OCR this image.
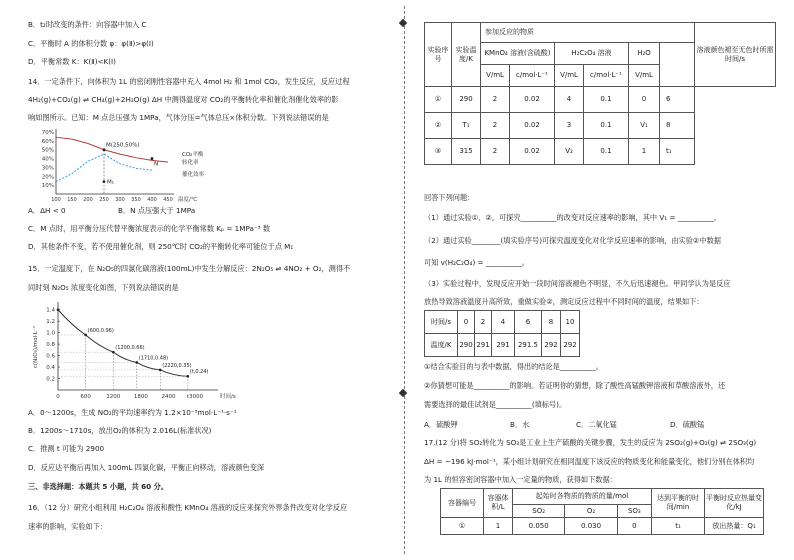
B．t₂时改变的条件：向容器中加入 C
C．平衡时 A 的体积分数 φ：φ(Ⅱ)>φ(Ⅰ)
D．平衡常数 K：K(Ⅱ)<K(Ⅰ)
14．一定条件下，向体积为 1L 的密闭刚性容器中充入 4mol H₂ 和 1mol CO₂，发生反应，反应过程
4H₂(g)+CO₂(g) ⇌ CH₄(g)+2H₂O(g) ΔH 中测得温度对 CO₂的平衡转化率和催化剂催化效率的影
响如图所示。已知：M 点总压强为 1MPa，气体分压=气体总压×体积分数。下列说法错误的是
70%
60%
50%
40%
30%
20%
10%
100 150 200 250 300 350 400 450 温度/℃
M(250,50%)
N
M₁
CO₂平衡
转化率
催化效率
A．ΔH < 0	B．N 点压强大于 1MPa
C．M 点时，用平衡分压代替平衡浓度表示的化学平衡常数 Kₚ = 1MPa⁻³ 数
D．其他条件不变，若不使用催化剂，则 250℃时 CO₂的平衡转化率可能位于点 M₁
15．一定温度下，在 N₂O₅的四氯化碳溶液(100mL)中发生分解反应：2N₂O₅ ⇌ 4NO₂ + O₂，测得不
同时刻 N₂O₅ 浓度变化如图，下列说法错误的是
1.4
1.2
1.0
0.8
0.6
0.4
0.2
0	600	1200 1800 2400 3000
t	时间/s
c(N₂O₅)/mol·L⁻¹	(600,0.96)
(1200,0.66)
(1710,0.48)
(2220,0.35)
(t,0.24)
A．0～1200s，生成 NO₂的平均速率约为 1.2×10⁻³mol·L⁻¹·s⁻¹
B．1200s～1710s，放出O₂的体积为 2.016L(标准状况)
C．推测 t 可能为 2900
D．反应达平衡后再加入 100mL 四氯化碳，平衡正向移动，溶液颜色变深
三、非选择题：本题共 5 小题，共 60 分。
16．（12 分）研究小组利用 H₂C₂O₄ 溶液和酸性 KMnO₄ 溶液的反应来探究外界条件改变对化学反应
速率的影响，实验如下：
实验序号	实验温度/K	参加反应的物质						溶液颜色褪至无色时所需时间/s
		KMnO₄ 溶液(含硫酸)		H₂C₂O₄ 溶液		H₂O		
		V/mL	c/mol·L⁻¹	V/mL	c/mol·L⁻¹	V/mL		
①	290	2	0.02	4	0.1	0	6	
②	T₁	2	0.02	3	0.1	V₁	8	
③	315	2	0.02	V₂	0.1	1	t₁	
回答下列问题：
（1）通过实验①、②，可探究__________的改变对反应速率的影响，其中 V₁ = __________。
（2）通过实验________(填实验序号)可探究温度变化对化学反应速率的影响，由实验②中数据
可知 v(H₂C₂O₄) = __________。
（3）实验过程中，发现反应开始一段时间溶液褪色不明显，不久后迅速褪色。甲同学认为是反应
放热导致溶液温度升高所致，重做实验②，测定反应过程中不同时间的温度，结果如下：
时间/s	0	2	4	6	8	10
温度/K	290	291	291	291.5	292	292
①结合实验目的与表中数据，得出的结论是__________。
②你猜想可能是__________的影响。若证明你的猜想，除了酸性高锰酸钾溶液和草酸溶液外，还
需要选择的最佳试剂是__________(填标号)。
A．硫酸钾	B．水	C．二氧化锰	D．硫酸锰
17.(12 分)将 SO₂转化为 SO₃是工业上生产硫酸的关键步骤，发生的反应为 2SO₂(g)+O₂(g) ⇌ 2SO₃(g)
ΔH = −196 kJ·mol⁻¹，某小组计划研究在相同温度下该反应的物质变化和能量变化，他们分别在体积均
为 1L 的恒容密闭容器中加入一定量的物质，获得如下数据：
容器编号	容器体积/L	起始时各物质的物质的量/mol			达到平衡的时间/min	平衡时反应热量变化/kJ
		SO₂	O₂	SO₃		
①	1	0.050	0.030	0	t₁	放出热量：Q₁
